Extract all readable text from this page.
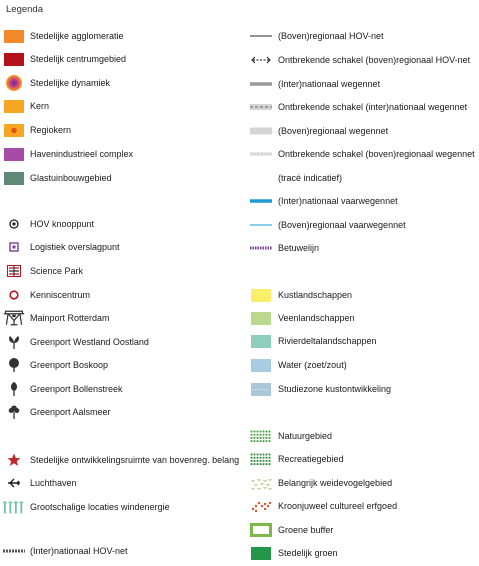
Legenda
Stedelijke agglomeratie
Stedelijk centrumgebied
Stedelijke dynamiek
Kern
Regiokern
Havenindustrieel complex
Glastuinbouwgebied
HOV knooppunt
Logistiek overslagpunt
Science Park
Kenniscentrum
Mainport Rotterdam
Greenport Westland Oostland
Greenport Boskoop
Greenport Bollenstreek
Greenport Aalsmeer
Stedelijke ontwikkelingsruimte van bovenreg. belang
Luchthaven
Grootschalige locaties windenergie
(Inter)nationaal HOV-net
(Boven)regionaal HOV-net
Ontbrekende schakel (boven)regionaal HOV-net
(Inter)nationaal wegennet
Ontbrekende schakel (inter)nationaal wegennet
(Boven)regionaal wegennet
Ontbrekende schakel (boven)regionaal wegennet
(tracé indicatief)
(Inter)nationaal vaarwegennet
(Boven)regionaal vaarwegennet
Betuwelijn
Kustlandschappen
Veenlandschappen
Rivierdeltalandschappen
Water (zoet/zout)
Studiezone kustontwikkeling
Natuurgebied
Recreatiegebied
Belangrijk weidevogelgebied
Kroonjuweel cultureel erfgoed
Groene buffer
Stedelijk groen
